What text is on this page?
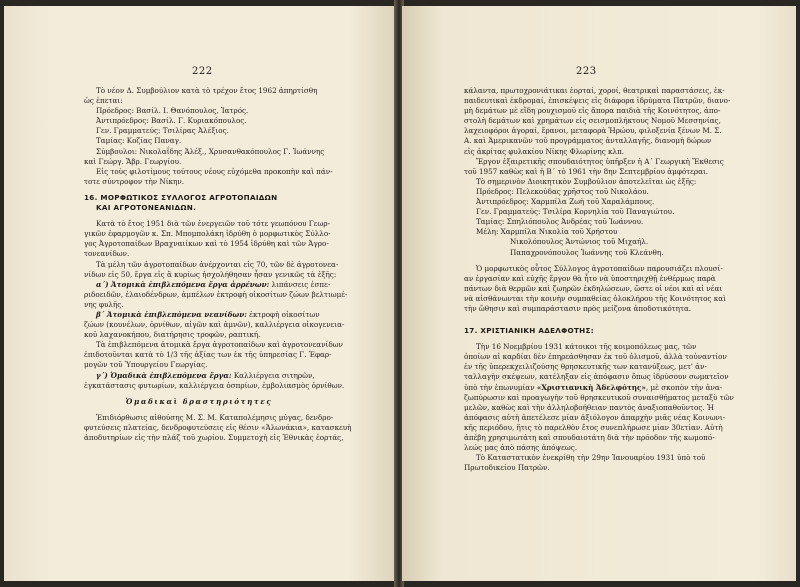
222

Τὸ νέον Δ. Συμβούλιον κατὰ τὸ τρέχον ἔτος 1962 ἀπηρτίσθη

ὡς ἑπεται:

Πρόεδρος: Βασίλ. Ι. Θανόπουλος, Ἰατρός.

Ἀντιπρόεδρος: Βασίλ. Γ. Κυριακόπουλος.

Γεν. Γραμματεύς: Τσιλίρας Ἀλέξιος.

Ταμίας: Κοζίας Παναγ.

Σύμβουλοι: Νικολαΐδης Ἀλέξ., Χρυσανθακόπουλος Γ. Ἰωάννης

καὶ Γεώργ. Ἄβρ. Γεωργίου.

Εἰς τοὺς φιλοτίμους τούτους νέους εὐχόμεθα προκοπὴν καὶ πάν-

τοτε σύντροφον τὴν Νίκην.

16. ΜΟΡΦΩΤΙΚΟΣ ΣΥΛΛΟΓΟΣ ΑΓΡΟΤΟΠΑΙΔΩΝ

ΚΑΙ ΑΓΡΟΤΟΝΕΑΝΙΔΩΝ.

Κατὰ τὸ ἔτος 1951 διὰ τῶν ἐνεργειῶν τοῦ τότε γεωπόνου Γεωρ-

γικῶν ἐφαρμογῶν κ. Σπ. Μπομπολάκη ἱδρύθη ὁ μορφωτικὸς Σύλλο-

γος Ἀγροτοπαίδων Βραχναιίκων καὶ τὸ 1954 ἱδρύθη καὶ τῶν Ἀγρο-

τονεανίδων.

Τὰ μέλη τῶν ἀγροτοπαίδων ἀνέρχονται εἰς 70, τῶν δὲ ἀγροτονεα-

νίδων εἰς 50, ἔργα εἰς ἃ κυρίως ἠσχολήθησαν ἦσαν γενικῶς τὰ ἑξῆς:

α΄) Ἀτομικὰ ἐπιβλεπόμενα ἔργα ἀρρένων: λιπάνσεις ἐσπε-

ριδοειδῶν, ἐλαιοδένδρων, ἀμπέλων ἐκτροφὴ οἰκοσίτων ζώων βελτιωμέ-

νης φυλῆς.

β΄ Ἀτομικὰ ἐπιβλεπόμενα νεανίδων: ἐκτροφὴ οἰκοσίτων

ζώων (κουνέλων, ὀρνίθων, αἰγῶν καὶ ἀμνῶν), καλλιέργεια οἰκογενεια-

κοῦ λαχανοκήπου, διατήρησις τροφῶν, ραπτική.

Τὰ ἐπιβλεπόμενα ἀτομικὰ ἔργα ἀγροτοπαίδων καὶ ἀγροτονεανίδων

ἐπιδοτοῦνται κατὰ τὸ 1/3 τῆς ἀξίας των ἐκ τῆς ὑπηρεσίας Γ. Ἐφαρ-

μογῶν τοῦ Ὑπουργείου Γεωργίας.

γ΄) Ὁμαδικὰ ἐπιβλεπόμενα ἔργα: Καλλιέργεια σιτηρῶν,

ἐγκατάστασις φυτωρίων, καλλιέργεια ὀσπρίων, ἐμβολιασμὸς ὀρνίθων.

Ὁμαδικαὶ δραστηριότητες

Ἐπιδιόρθωσις αἰθούσης Μ. Σ. Μ. Καταπολέμησις μύγας, δενδρο-

φυτεύσεις πλατείας, δενδροφυτεύσεις εἰς θέσιν «Ἀλωνάκια», κατασκευὴ

ἀποδυτηρίων εἰς τὴν πλάζ τοῦ χωρίου. Συμμετοχὴ εἰς Ἐθνικὰς ἑορτάς,

223

κάλαντα, πρωτοχρονιάτικαι ἑορταί, χοροί, θεατρικαὶ παραστάσεις, ἐκ-

παιδευτικαὶ ἐκδρομαί, ἐπισκέψεις εἰς διάφορα ἱδρύματα Πατρῶν, διανο-

μὴ δεμάτων μὲ εἴδη ρουχισμοῦ εἰς ἄπορα παιδιὰ τῆς Κοινότητος, ἀπο-

στολὴ δεμάτων καὶ χρημάτων εἰς σεισμοπλήκτους Νομοῦ Μεσσηνίας,

λαχειοφόροι ἀγοραί, ἔρανοι, μεταφορὰ Ἡρώου, φιλοξενία ξένων Μ. Σ.

Α. καὶ Ἀμερικανῶν τοῦ προγράμματος ἀνταλλαγῆς, διανομὴ δώρων

εἰς ἀκρίτας φυλακίου Νίκης Φλωρίνης κλπ.

Ἔργον ἐξαιρετικῆς σπουδαιότητος ὑπῆρξεν ἡ Α΄ Γεωργικὴ Ἔκθεσις

τοῦ 1957 καθὼς καὶ ἡ Β΄ τὸ 1961 τὴν 8ην Σεπτεμβρίου ἀμφότεραι.

Τὸ σημερινὸν Διοικητικὸν Συμβούλιον ἀποτελεῖται ὡς ἑξῆς:

Πρόεδρος: Πελεκούδας χρῆστος τοῦ Νικολάου.

Ἀντιπρόεδρος: Χαρμπίλα Ζωὴ τοῦ Χαραλάμπους.

Γεν. Γραμματεύς: Τσιλίρα Κορνηλία τοῦ Παναγιώτου.

Ταμίας: Σπηλιόπουλος Ἀνδρέας τοῦ Ἰωάννου.

Μέλη: Χαρμπίλα Νικολία τοῦ Χρήστου

Νικολόπουλος Ἀντώνιος τοῦ Μιχαήλ.

Παπαχρονόπουλος Ἰωάννης τοῦ Κλεάνθη.

Ὁ μορφωτικὸς οὗτος Σύλλογος ἀγροτοπαίδων παρουσιάζει πλουσί-

αν ἐργασίαν καὶ εὐχῆς ἔργον θὰ ἦτο νὰ ὑποστηριχθῇ ἐνθέρμως παρὰ

πάντων διὰ θερμῶν καὶ ζωηρῶν ἐκδηλώσεων, ὥστε οἱ νέοι καὶ αἱ νέαι

νὰ αἰσθάνωνται τὴν κοινὴν συμπαθείας ὁλοκλήρου τῆς Κοινότητος καὶ

τὴν ὤθησιν καὶ συμπαράστασιν πρὸς μείζονα ἀποδοτικότητα.

17. ΧΡΙΣΤΙΑΝΙΚΗ ΑΔΕΛΦΟΤΗΣ:

Τὴν 16 Νοεμβρίου 1931 κάτοικοι τῆς κοιμοπόλεως μας, τῶν

ὁποίων αἱ καρδίαι δὲν ἐπηρεάσθησαν ἐκ τοῦ ὀλισμοῦ, ἀλλὰ τοὐναντίον

ἐν τῆς ὑπερεκχειλιζούσης θρησκευτικῆς των κατανύξεως, μετ' ἀν-

ταλλαγὴν σκέψεων, κατέληξαν εἰς ἀπόφασιν ὅπως ἱδρύσουν σωματεῖον

ὑπὸ τὴν ἐπωνυμίαν «Χριστιανικὴ Ἀδελφότης», μὲ σκοπὸν τὴν ἀνα-

ζωπύρωσιν καὶ προαγωγὴν τοῦ θρησκευτικοῦ συναισθήματος μεταξὺ τῶν

μελῶν, καθὼς καὶ τὴν ἀλληλοβοήθειαν παντὸς ἀναξιοπαθοῦντος. Ἡ

ἀπόφασις αὐτὴ ἀπετέλεσε μίαν ἀξιόλογον ἀπαρχὴν μιᾶς νέας Κοινωνι-

κῆς περιόδου, ἥτις τὸ παρελθὸν ἔτος συνεπλήρωσε μίαν 30ετίαν. Αὐτὴ

ἀπέβη χρησιμωτάτη καὶ σπουδαιοτάτη διὰ τὴν πρόοδον τῆς κωμοπό-

λεώς μας ἀπὸ πάσης ἀπόψεως.

Τὸ Καταστατικὸν ἐνεκρίθη τὴν 29ην Ἰανουαρίου 1931 ὑπὸ τοῦ

Πρωτοδικείου Πατρῶν.
